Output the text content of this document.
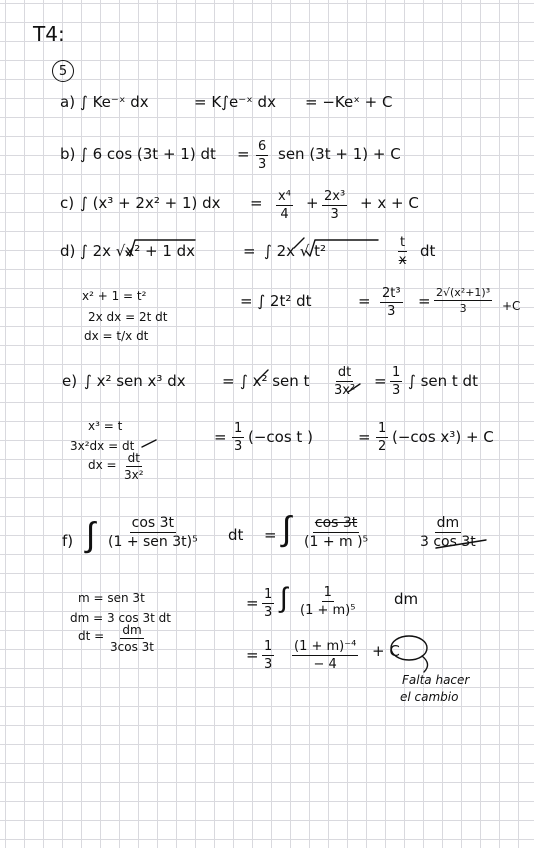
T4:
5
a) ∫ Ke⁻ˣ dx	= K∫e⁻ˣ dx = −Keˣ + C
b) ∫ 6 cos (3t + 1) dt = $\frac{6}{3}$ sen (3t + 1) + C
c) ∫ (x³ + 2x² + 1) dx = $\frac{\text{x⁴}}{4} + \frac{\text{2x³}}{3} + x + C$
d) ∫ 2x √x² + 1 dx	= ∫ 2x √ t²	$\frac{t}{x}$ dt
x² + 1 = t²
2x dx = 2t dt
dx = t/x dt
= ∫ 2t² dt	= $\frac{\text{2t³}}{3} = \frac{\text{2√(x²+1)³}}{3} +C$
e) ∫ x² sen x³ dx = ∫ x² sen t $\frac{dt}{\text{3x²}} = \frac{1}{3}$ ∫ sen t dt
x³ = t
3x²dx = dt
dx = $\frac{dt}{\text{3x²}}$
= $\frac{1}{3} (-\cos$ t )	= $\frac{1}{2} (-\cos$ x³) + C
f) ∫	cos 3t
(1 + sen 3t)⁵ dt = ∫ $\frac{\cos 3t}{\text{(1 + m )⁵}}$	$\frac{dm}{3 \cos 3t}$
m = sen 3t
dm = 3 cos 3t dt
dt = $\frac{dm}{3\cos 3t}$
= $\frac{1}{3}$ ∫ $\frac{1}{\text{(1 + m)⁵}}$	dm
= $\frac{1}{3} \frac{\text{(1 + m)⁻⁴}}{- 4} + C$
Falta hacer
el cambio
